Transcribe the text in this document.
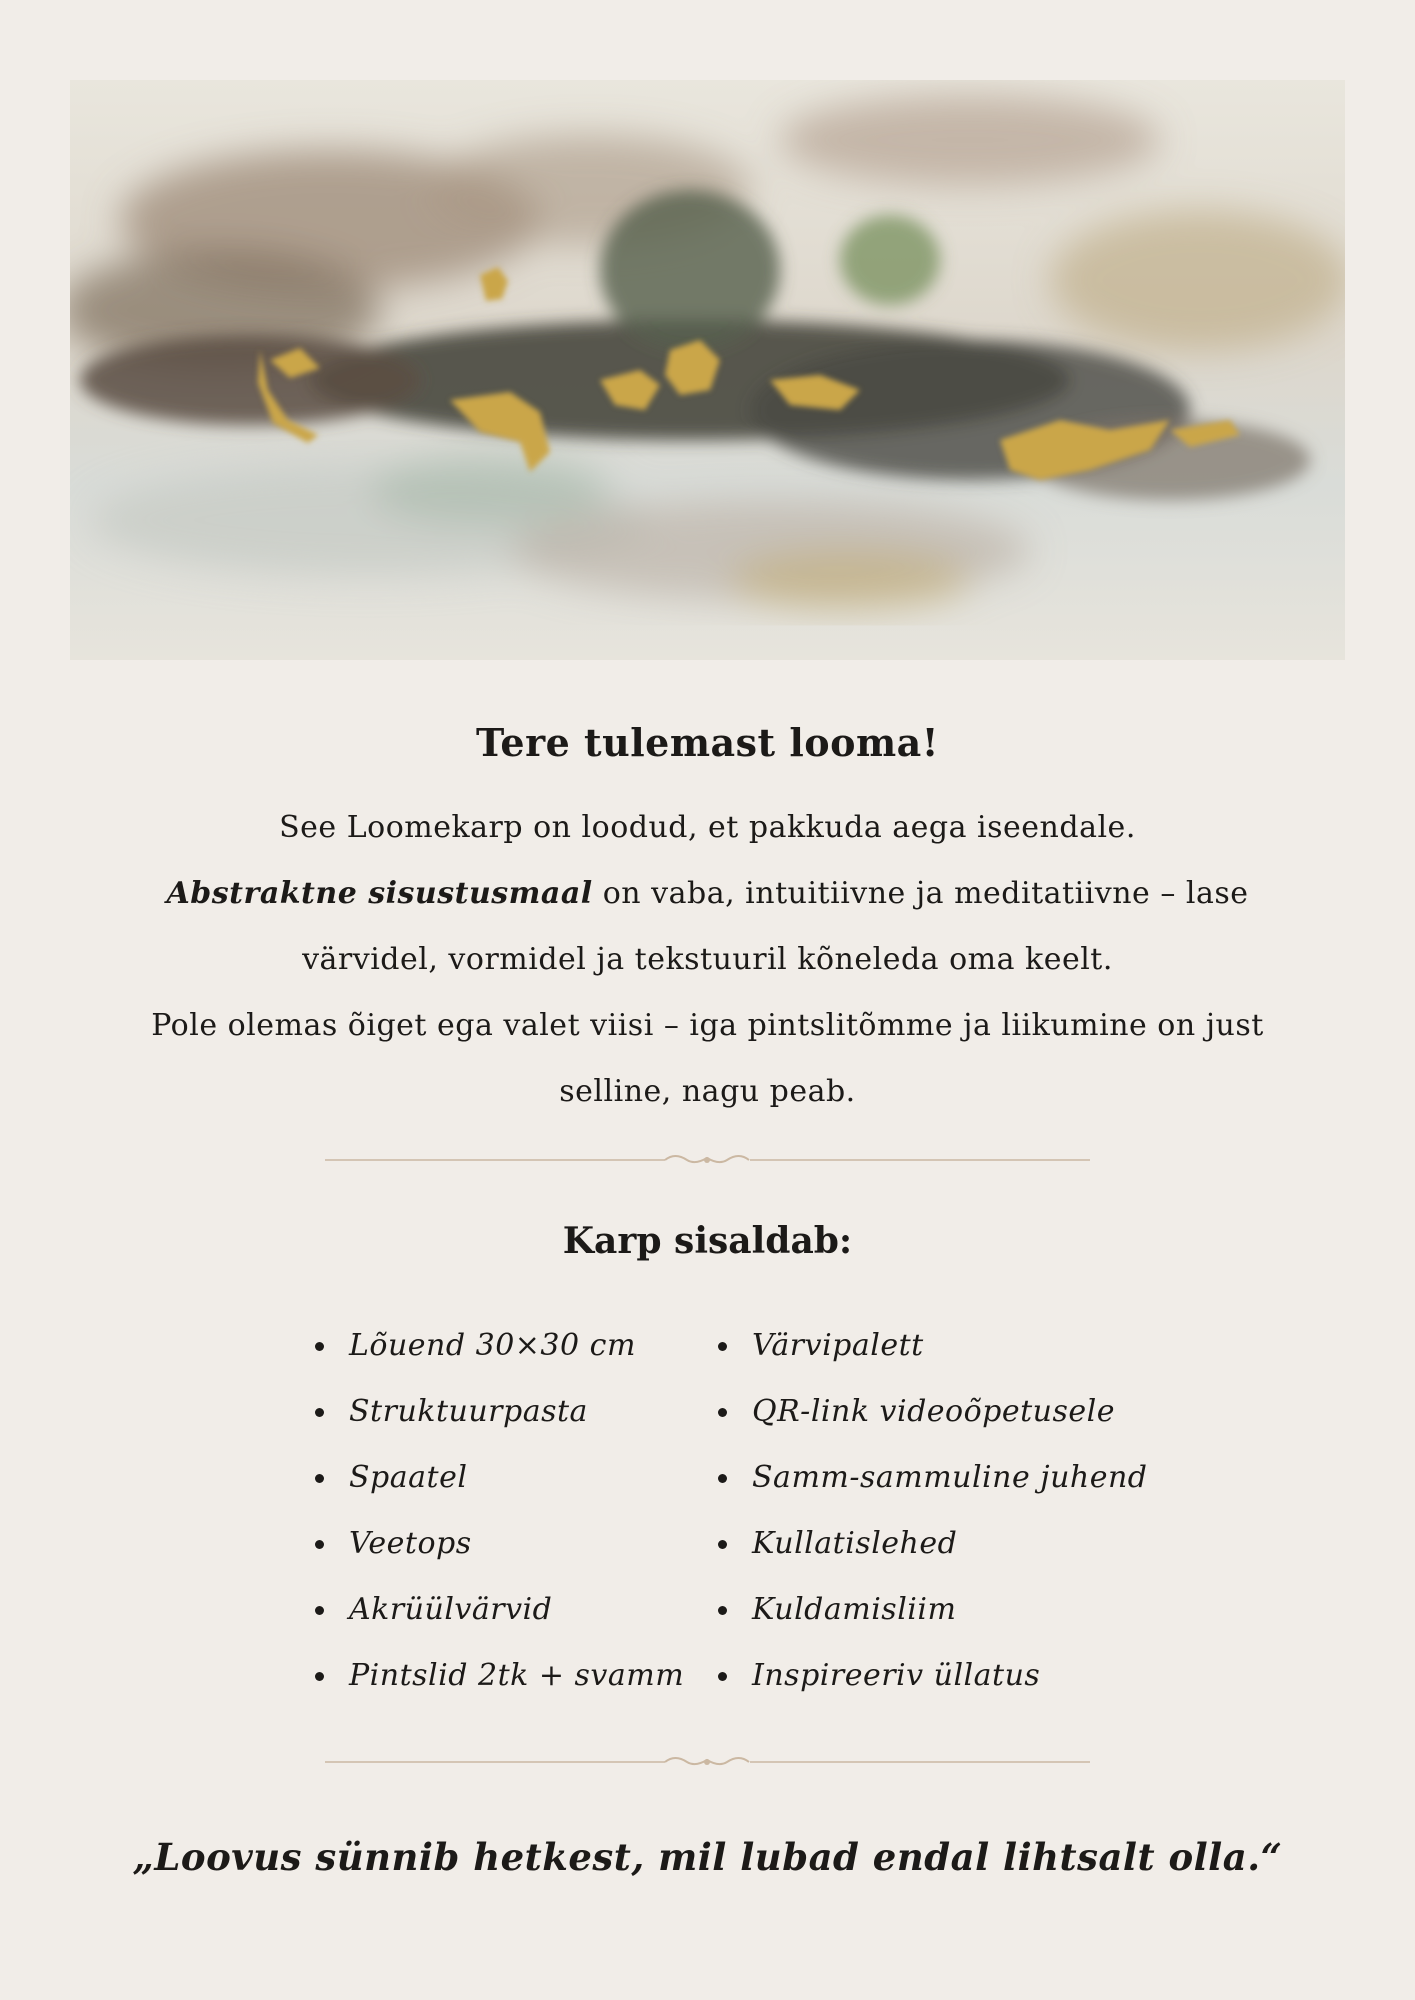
Tere tulemast looma!

See Loomekarp on loodud, et pakkuda aega iseendale.

Abstraktne sisustusmaal on vaba, intuitiivne ja meditatiivne – lase värvidel, vormidel ja tekstuuril kõneleda oma keelt.

Pole olemas õiget ega valet viisi – iga pintslitõmme ja liikumine on just selline, nagu peab.

Karp sisaldab:
Lõuend 30×30 cm
Struktuurpasta
Spaatel
Veetops
Akrüülvärvid
Pintslid 2tk + svamm
Värvipalett
QR-link videoõpetusele
Samm-sammuline juhend
Kullatislehed
Kuldamisliim
Inspireeriv üllatus
„Loovus sünnib hetkest, mil lubad endal lihtsalt olla.“
